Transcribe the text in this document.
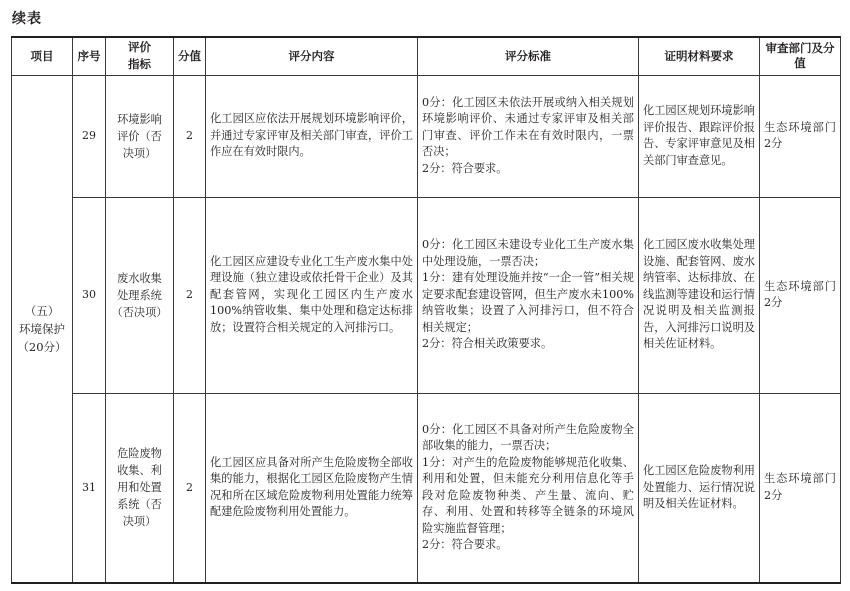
续表
项目	序号	评价
指标	分值	评分内容	评分标准	证明材料要求	审查部门及分值
（五）
环境保护
（20分）	29	环境影响
评价（否
决项）	2	化工园区应依法开展规划环境影响评价，并通过专家评审及相关部门审查，评价工作应在有效时限内。	0分：化工园区未依法开展或纳入相关规划环境影响评价、未通过专家评审及相关部门审查、评价工作未在有效时限内，一票否决；
2分：符合要求。	化工园区规划环境影响评价报告、跟踪评价报告、专家评审意见及相关部门审查意见。	生态环境部门2分
	30	废水收集
处理系统
（否决项）	2	化工园区应建设专业化工生产废水集中处理设施（独立建设或依托骨干企业）及其配套管网，实现化工园区内生产废水100%纳管收集、集中处理和稳定达标排放；设置符合相关规定的入河排污口。	0分：化工园区未建设专业化工生产废水集中处理设施，一票否决；
1分：建有处理设施并按“一企一管”相关规定要求配套建设管网，但生产废水未100%纳管收集；设置了入河排污口，但不符合相关规定；
2分：符合相关政策要求。	化工园区废水收集处理设施、配套管网、废水纳管率、达标排放、在线监测等建设和运行情况说明及相关监测报告，入河排污口说明及相关佐证材料。	生态环境部门2分
	31	危险废物
收集、利
用和处置
系统（否
决项）	2	化工园区应具备对所产生危险废物全部收集的能力，根据化工园区危险废物产生情况和所在区域危险废物利用处置能力统筹配建危险废物利用处置能力。	0分：化工园区不具备对所产生危险废物全部收集的能力，一票否决；
1分：对产生的危险废物能够规范化收集、利用和处置，但未能充分利用信息化等手段对危险废物种类、产生量、流向、贮存、利用、处置和转移等全链条的环境风险实施监督管理；
2分：符合要求。	化工园区危险废物利用处置能力、运行情况说明及相关佐证材料。	生态环境部门2分
